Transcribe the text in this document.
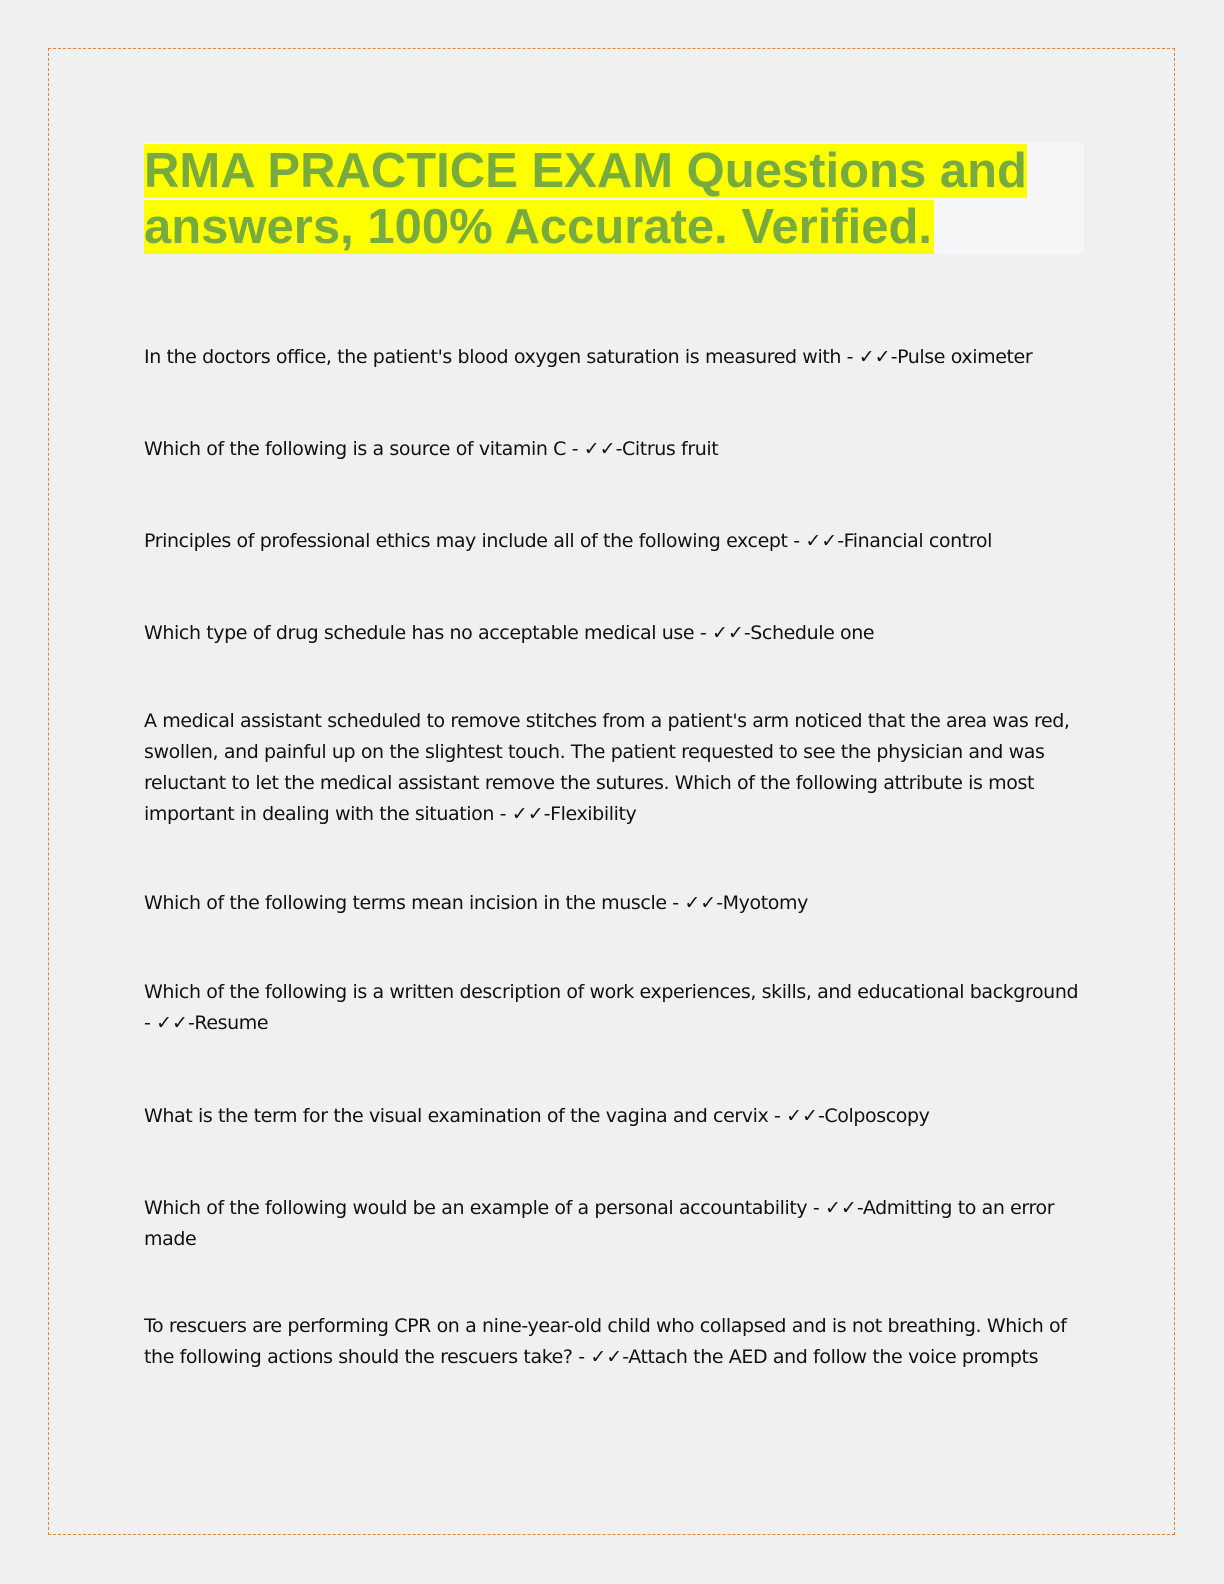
RMA PRACTICE EXAM Questions and answers, 100% Accurate. Verified.

In the doctors office, the patient's blood oxygen saturation is measured with - ✓✓-Pulse oximeter

Which of the following is a source of vitamin C - ✓✓-Citrus fruit

Principles of professional ethics may include all of the following except - ✓✓-Financial control

Which type of drug schedule has no acceptable medical use - ✓✓-Schedule one

A medical assistant scheduled to remove stitches from a patient's arm noticed that the area was red, swollen, and painful up on the slightest touch. The patient requested to see the physician and was reluctant to let the medical assistant remove the sutures. Which of the following attribute is most important in dealing with the situation - ✓✓-Flexibility

Which of the following terms mean incision in the muscle - ✓✓-Myotomy

Which of the following is a written description of work experiences, skills, and educational background - ✓✓-Resume

What is the term for the visual examination of the vagina and cervix - ✓✓-Colposcopy

Which of the following would be an example of a personal accountability - ✓✓-Admitting to an error made

To rescuers are performing CPR on a nine-year-old child who collapsed and is not breathing. Which of the following actions should the rescuers take? - ✓✓-Attach the AED and follow the voice prompts
